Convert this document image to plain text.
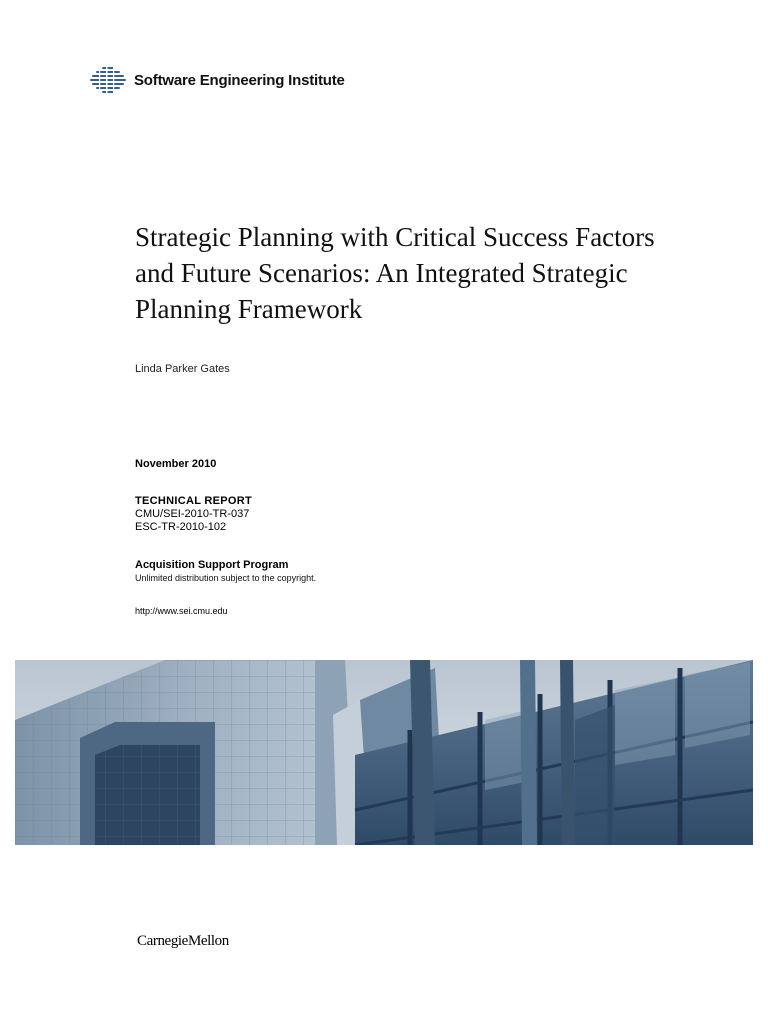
Software Engineering Institute
Strategic Planning with Critical Success Factors and Future Scenarios: An Integrated Strategic Planning Framework
Linda Parker Gates
November 2010
TECHNICAL REPORT
CMU/SEI-2010-TR-037
ESC-TR-2010-102
Acquisition Support Program
Unlimited distribution subject to the copyright.
http://www.sei.cmu.edu
CarnegieMellon
